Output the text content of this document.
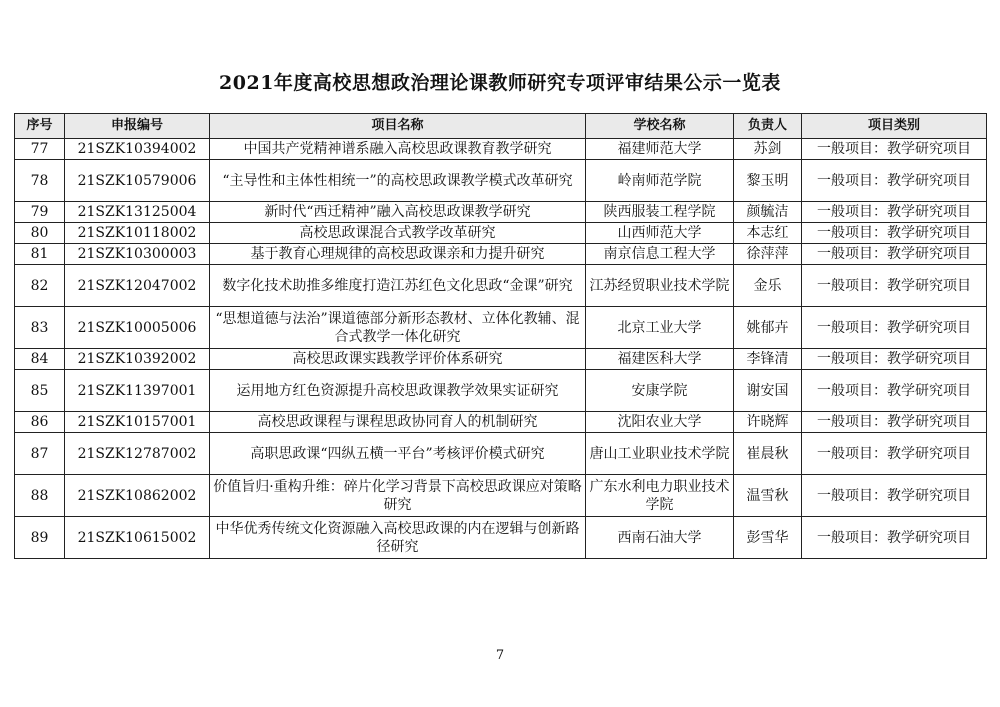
2021年度高校思想政治理论课教师研究专项评审结果公示一览表
序号	申报编号	项目名称	学校名称	负责人	项目类别
77	21SZK10394002	中国共产党精神谱系融入高校思政课教育教学研究	福建师范大学	苏剑	一般项目：教学研究项目
78	21SZK10579006	“主导性和主体性相统一”的高校思政课教学模式改革研究	岭南师范学院	黎玉明	一般项目：教学研究项目
79	21SZK13125004	新时代“西迁精神”融入高校思政课教学研究	陕西服装工程学院	颜毓洁	一般项目：教学研究项目
80	21SZK10118002	高校思政课混合式教学改革研究	山西师范大学	本志红	一般项目：教学研究项目
81	21SZK10300003	基于教育心理规律的高校思政课亲和力提升研究	南京信息工程大学	徐萍萍	一般项目：教学研究项目
82	21SZK12047002	数字化技术助推多维度打造江苏红色文化思政“金课”研究	江苏经贸职业技术学院	金乐	一般项目：教学研究项目
83	21SZK10005006	“思想道德与法治”课道德部分新形态教材、立体化教辅、混合式教学一体化研究	北京工业大学	姚郁卉	一般项目：教学研究项目
84	21SZK10392002	高校思政课实践教学评价体系研究	福建医科大学	李锋清	一般项目：教学研究项目
85	21SZK11397001	运用地方红色资源提升高校思政课教学效果实证研究	安康学院	谢安国	一般项目：教学研究项目
86	21SZK10157001	高校思政课程与课程思政协同育人的机制研究	沈阳农业大学	许晓辉	一般项目：教学研究项目
87	21SZK12787002	高职思政课“四纵五横一平台”考核评价模式研究	唐山工业职业技术学院	崔晨秋	一般项目：教学研究项目
88	21SZK10862002	价值旨归·重构升维：碎片化学习背景下高校思政课应对策略研究	广东水利电力职业技术学院	温雪秋	一般项目：教学研究项目
89	21SZK10615002	中华优秀传统文化资源融入高校思政课的内在逻辑与创新路径研究	西南石油大学	彭雪华	一般项目：教学研究项目
7
